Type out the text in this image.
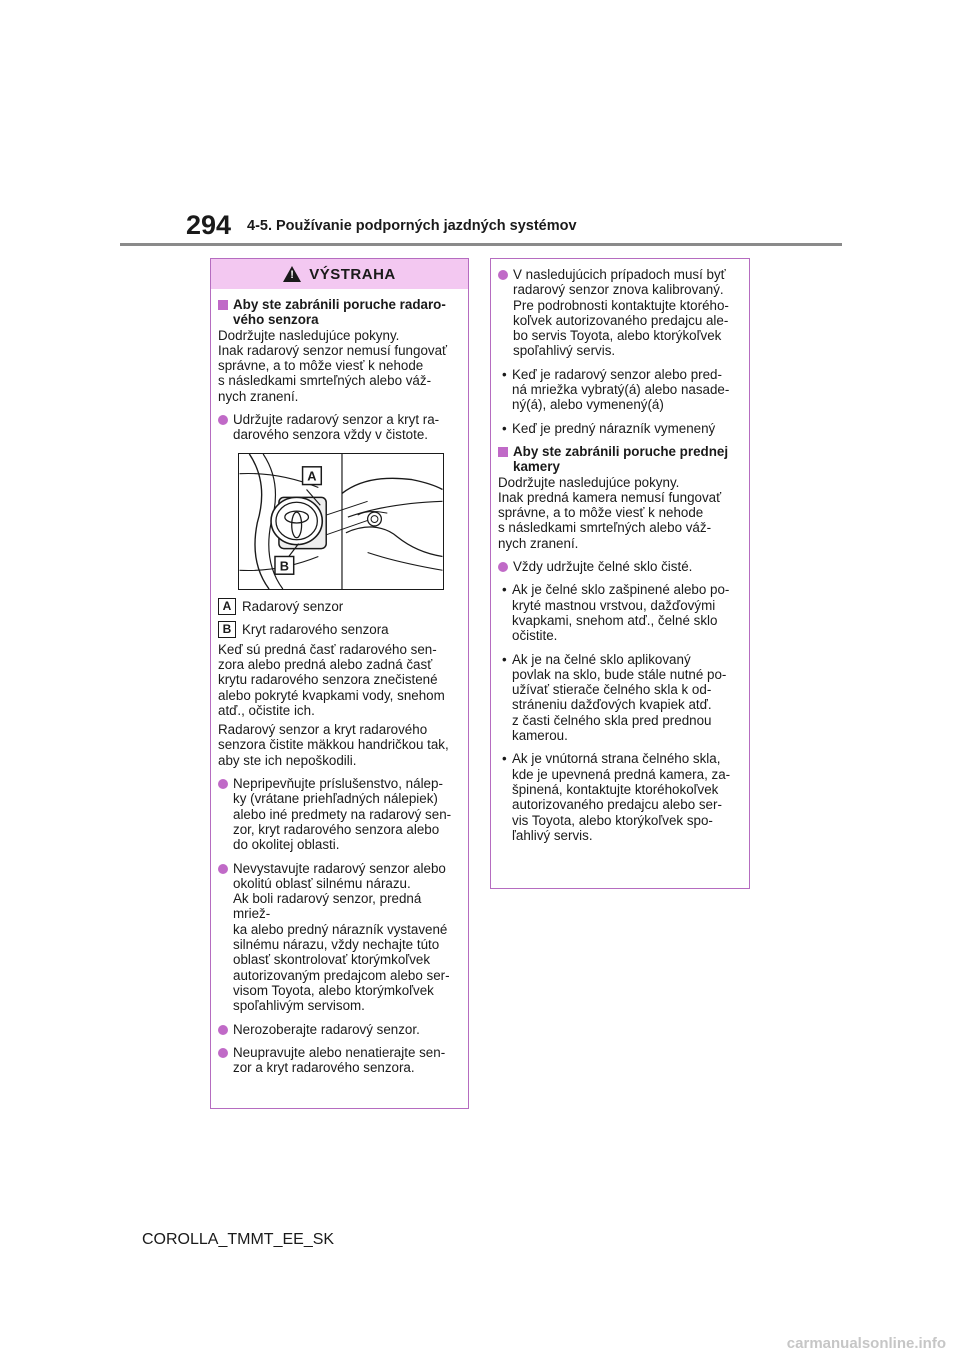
294 4-5. Používanie podporných jazdných systémov
!
VÝSTRAHA
Aby ste zabránili poruche radaro-
vého senzora

Dodržujte nasledujúce pokyny.
Inak radarový senzor nemusí fungovať
správne, a to môže viesť k nehode
s následkami smrteľných alebo váž-
nych zranení.

Udržujte radarový senzor a kryt ra-
darového senzora vždy v čistote.
A
B
A Radarový senzor
B Kryt radarového senzora

Keď sú predná časť radarového sen-
zora alebo predná alebo zadná časť
krytu radarového senzora znečistené
alebo pokryté kvapkami vody, snehom
atď., očistite ich.

Radarový senzor a kryt radarového
senzora čistite mäkkou handričkou tak,
aby ste ich nepoškodili.

Nepripevňujte príslušenstvo, nálep-
ky (vrátane priehľadných nálepiek)
alebo iné predmety na radarový sen-
zor, kryt radarového senzora alebo
do okolitej oblasti.
Nevystavujte radarový senzor alebo
okolitú oblasť silnému nárazu.
Ak boli radarový senzor, predná mriež-
ka alebo predný nárazník vystavené
silnému nárazu, vždy nechajte túto
oblasť skontrolovať ktorýmkoľvek
autorizovaným predajcom alebo ser-
visom Toyota, alebo ktorýmkoľvek
spoľahlivým servisom.
Nerozoberajte radarový senzor.
Neupravujte alebo nenatierajte sen-
zor a kryt radarového senzora.
V nasledujúcich prípadoch musí byť
radarový senzor znova kalibrovaný.
Pre podrobnosti kontaktujte ktorého-
koľvek autorizovaného predajcu ale-
bo servis Toyota, alebo ktorýkoľvek
spoľahlivý servis.
• Keď je radarový senzor alebo pred-
ná mriežka vybratý(á) alebo nasade-
ný(á), alebo vymenený(á)
• Keď je predný nárazník vymenený
Aby ste zabránili poruche prednej
kamery

Dodržujte nasledujúce pokyny.
Inak predná kamera nemusí fungovať
správne, a to môže viesť k nehode
s následkami smrteľných alebo váž-
nych zranení.

Vždy udržujte čelné sklo čisté.
• Ak je čelné sklo zašpinené alebo po-
kryté mastnou vrstvou, dažďovými
kvapkami, snehom atď., čelné sklo
očistite.
• Ak je na čelné sklo aplikovaný
povlak na sklo, bude stále nutné po-
užívať stierače čelného skla k od-
stráneniu dažďových kvapiek atď.
z časti čelného skla pred prednou
kamerou.
• Ak je vnútorná strana čelného skla,
kde je upevnená predná kamera, za-
špinená, kontaktujte ktoréhokoľvek
autorizovaného predajcu alebo ser-
vis Toyota, alebo ktorýkoľvek spo-
ľahlivý servis.
COROLLA_TMMT_EE_SK
carmanualsonline.info
